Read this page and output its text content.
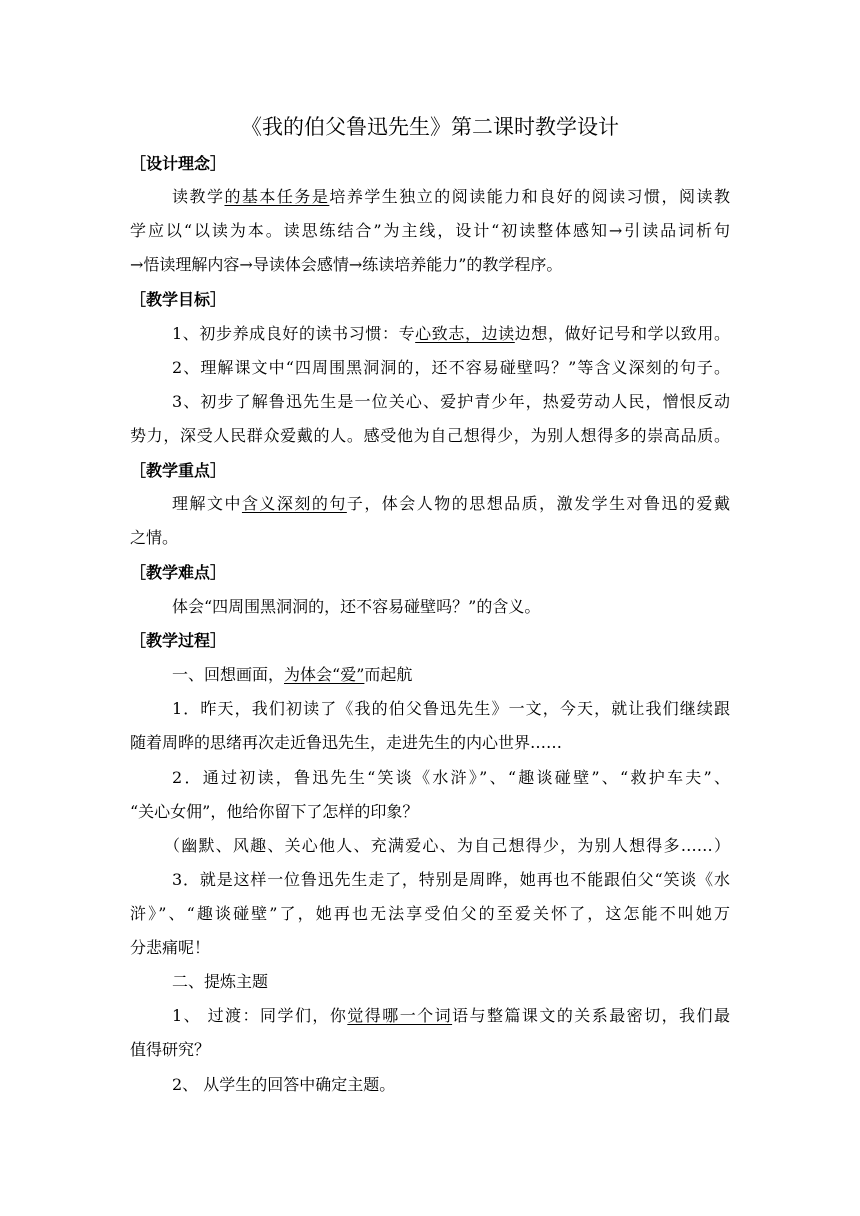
《我的伯父鲁迅先生》第二课时教学设计
［设计理念］
读教学的基本任务是培养学生独立的阅读能力和良好的阅读习惯，阅读教
学应以“以读为本。读思练结合”为主线，设计“初读整体感知→引读品词析句
→悟读理解内容→导读体会感情→练读培养能力”的教学程序。
［教学目标］
1、初步养成良好的读书习惯：专心致志，边读边想，做好记号和学以致用。
2、理解课文中“四周围黑洞洞的，还不容易碰壁吗？”等含义深刻的句子。
3、初步了解鲁迅先生是一位关心、爱护青少年，热爱劳动人民，憎恨反动
势力，深受人民群众爱戴的人。感受他为自己想得少，为别人想得多的崇高品质。
［教学重点］
理解文中含义深刻的句子，体会人物的思想品质，激发学生对鲁迅的爱戴
之情。
［教学难点］
体会“四周围黑洞洞的，还不容易碰壁吗？”的含义。
［教学过程］
一、回想画面，为体会“爱”而起航
1．昨天，我们初读了《我的伯父鲁迅先生》一文，今天，就让我们继续跟
随着周晔的思绪再次走近鲁迅先生，走进先生的内心世界……
2．通过初读，鲁迅先生“笑谈《水浒》”、“趣谈碰壁”、“救护车夫”、
“关心女佣”，他给你留下了怎样的印象？
（幽默、风趣、关心他人、充满爱心、为自己想得少，为别人想得多……）
3．就是这样一位鲁迅先生走了，特别是周晔，她再也不能跟伯父“笑谈《水
浒》”、“趣谈碰壁”了，她再也无法享受伯父的至爱关怀了，这怎能不叫她万
分悲痛呢！
二、提炼主题
1、 过渡：同学们，你觉得哪一个词语与整篇课文的关系最密切，我们最
值得研究？
2、 从学生的回答中确定主题。
